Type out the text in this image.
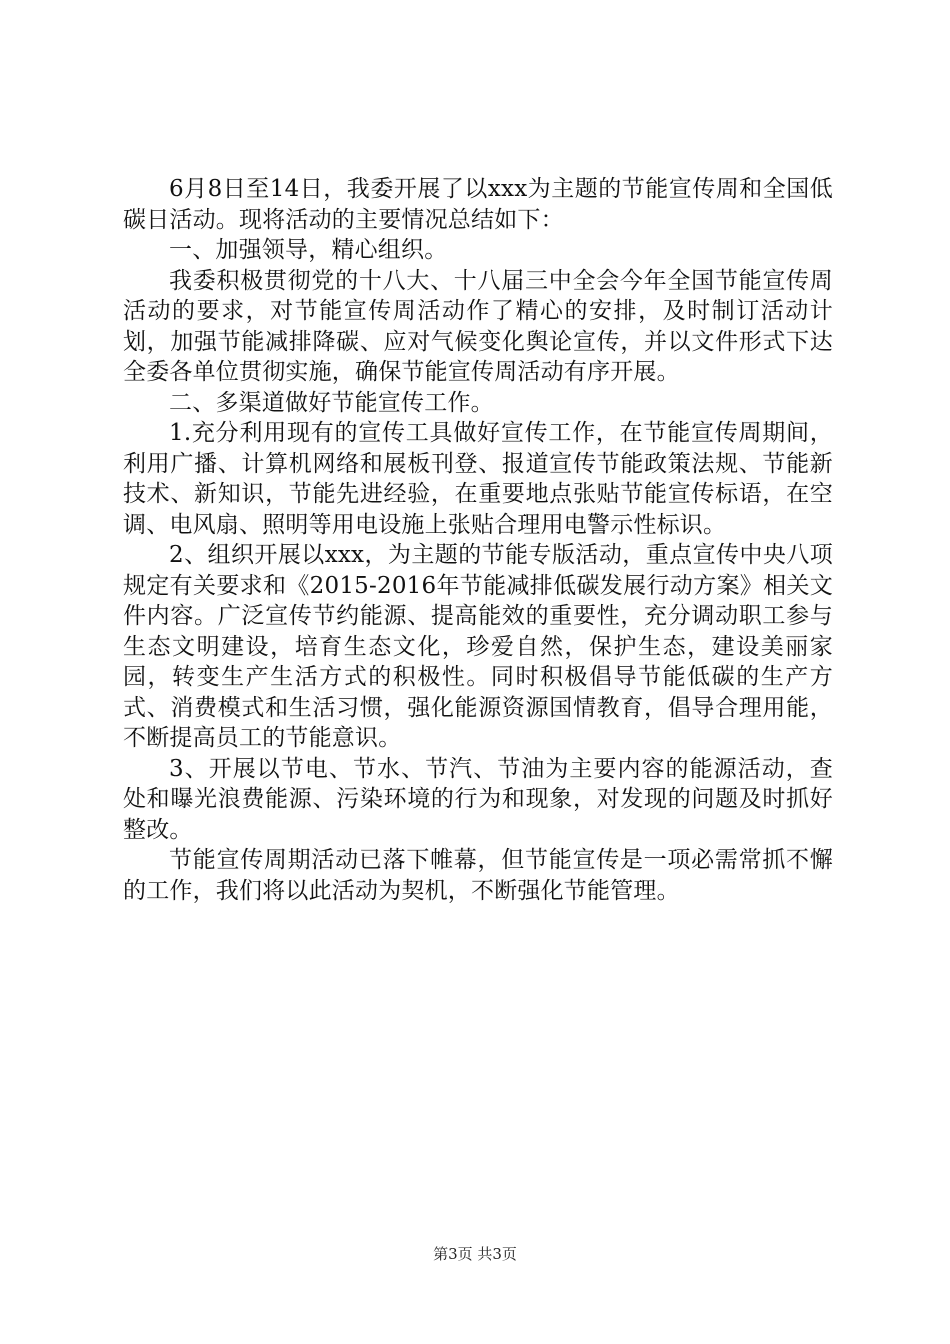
6月8日至14日，我委开展了以xxx为主题的节能宣传周和全国低碳日活动。现将活动的主要情况总结如下：

一、加强领导，精心组织。

我委积极贯彻党的十八大、十八届三中全会今年全国节能宣传周活动的要求，对节能宣传周活动作了精心的安排，及时制订活动计划，加强节能减排降碳、应对气候变化舆论宣传，并以文件形式下达全委各单位贯彻实施，确保节能宣传周活动有序开展。

二、多渠道做好节能宣传工作。

1.充分利用现有的宣传工具做好宣传工作，在节能宣传周期间，利用广播、计算机网络和展板刊登、报道宣传节能政策法规、节能新技术、新知识，节能先进经验，在重要地点张贴节能宣传标语，在空调、电风扇、照明等用电设施上张贴合理用电警示性标识。

2、组织开展以xxx，为主题的节能专版活动，重点宣传中央八项规定有关要求和《2015-2016年节能减排低碳发展行动方案》相关文件内容。广泛宣传节约能源、提高能效的重要性，充分调动职工参与生态文明建设，培育生态文化，珍爱自然，保护生态，建设美丽家园，转变生产生活方式的积极性。同时积极倡导节能低碳的生产方式、消费模式和生活习惯，强化能源资源国情教育，倡导合理用能，不断提高员工的节能意识。

3、开展以节电、节水、节汽、节油为主要内容的能源活动，查处和曝光浪费能源、污染环境的行为和现象，对发现的问题及时抓好整改。

节能宣传周期活动已落下帷幕，但节能宣传是一项必需常抓不懈的工作，我们将以此活动为契机，不断强化节能管理。

第3页 共3页
